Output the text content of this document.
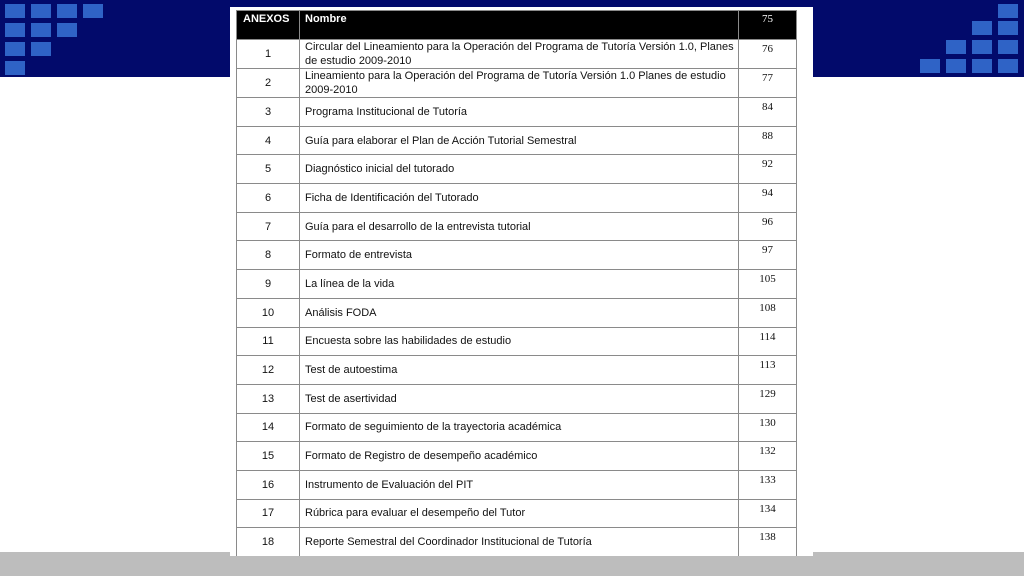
ANEXOS	Nombre	75
1	Circular del Lineamiento para la Operación del Programa de Tutoría Versión 1.0, Planes de estudio 2009-2010	76
2	Lineamiento para la Operación del Programa de Tutoría Versión 1.0 Planes de estudio 2009-2010	77
3	Programa Institucional de Tutoría	84
4	Guía para elaborar el Plan de Acción Tutorial Semestral	88
5	Diagnóstico inicial del tutorado	92
6	Ficha de Identificación del Tutorado	94
7	Guía para el desarrollo de la entrevista tutorial	96
8	Formato de entrevista	97
9	La línea de la vida	105
10	Análisis FODA	108
11	Encuesta sobre las habilidades de estudio	114
12	Test de autoestima	113
13	Test de asertividad	129
14	Formato de seguimiento de la trayectoria académica	130
15	Formato de Registro de desempeño académico	132
16	Instrumento de Evaluación del PIT	133
17	Rúbrica para evaluar el desempeño del Tutor	134
18	Reporte Semestral del Coordinador Institucional de Tutoría	138
